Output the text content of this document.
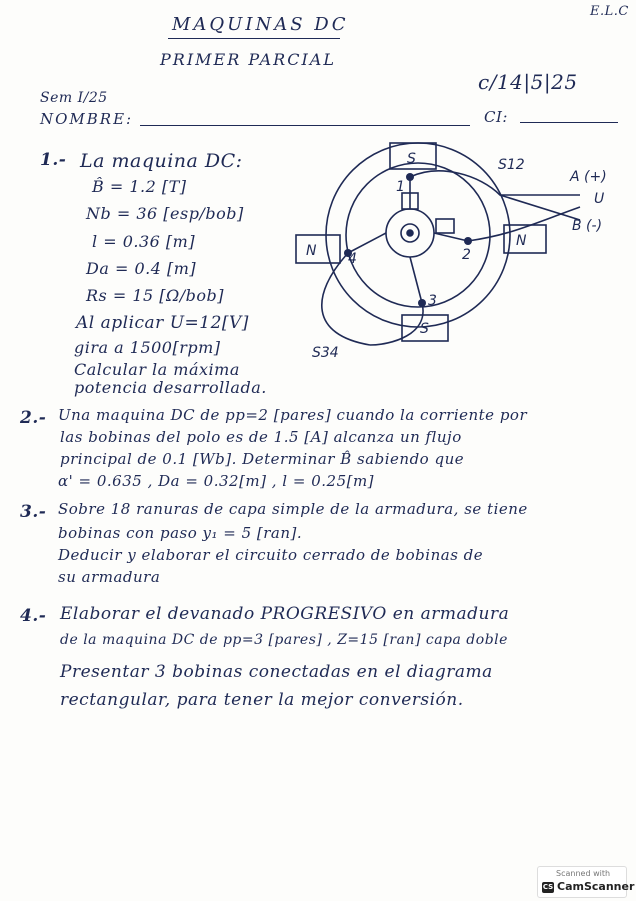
E.L.C
MAQUINAS DC
PRIMER PARCIAL
c/14|5|25
Sem I/25
NOMBRE:	CI:
1.- La maquina DC:
B̂ = 1.2 [T]
Nb = 36 [esp/bob]
l = 0.36 [m]
Da = 0.4 [m]
Rs = 15 [Ω/bob]
Al aplicar U=12[V]
gira a 1500[rpm]
Calcular la máxima
potencia desarrollada.
S
S
N
N
1
2
3
4
S12
S34
A (+)
U
B (-)
2.- Una maquina DC de pp=2 [pares] cuando la corriente por
las bobinas del polo es de 1.5 [A] alcanza un flujo
principal de 0.1 [Wb]. Determinar B̂ sabiendo que
α' = 0.635 , Da = 0.32[m] , l = 0.25[m]
3.- Sobre 18 ranuras de capa simple de la armadura, se tiene
bobinas con paso y₁ = 5 [ran].
Deducir y elaborar el circuito cerrado de bobinas de
su armadura
4.- Elaborar el devanado PROGRESIVO en armadura
de la maquina DC de pp=3 [pares] , Z=15 [ran] capa doble
Presentar 3 bobinas conectadas en el diagrama
rectangular, para tener la mejor conversión.
Scanned with
CS CamScanner
